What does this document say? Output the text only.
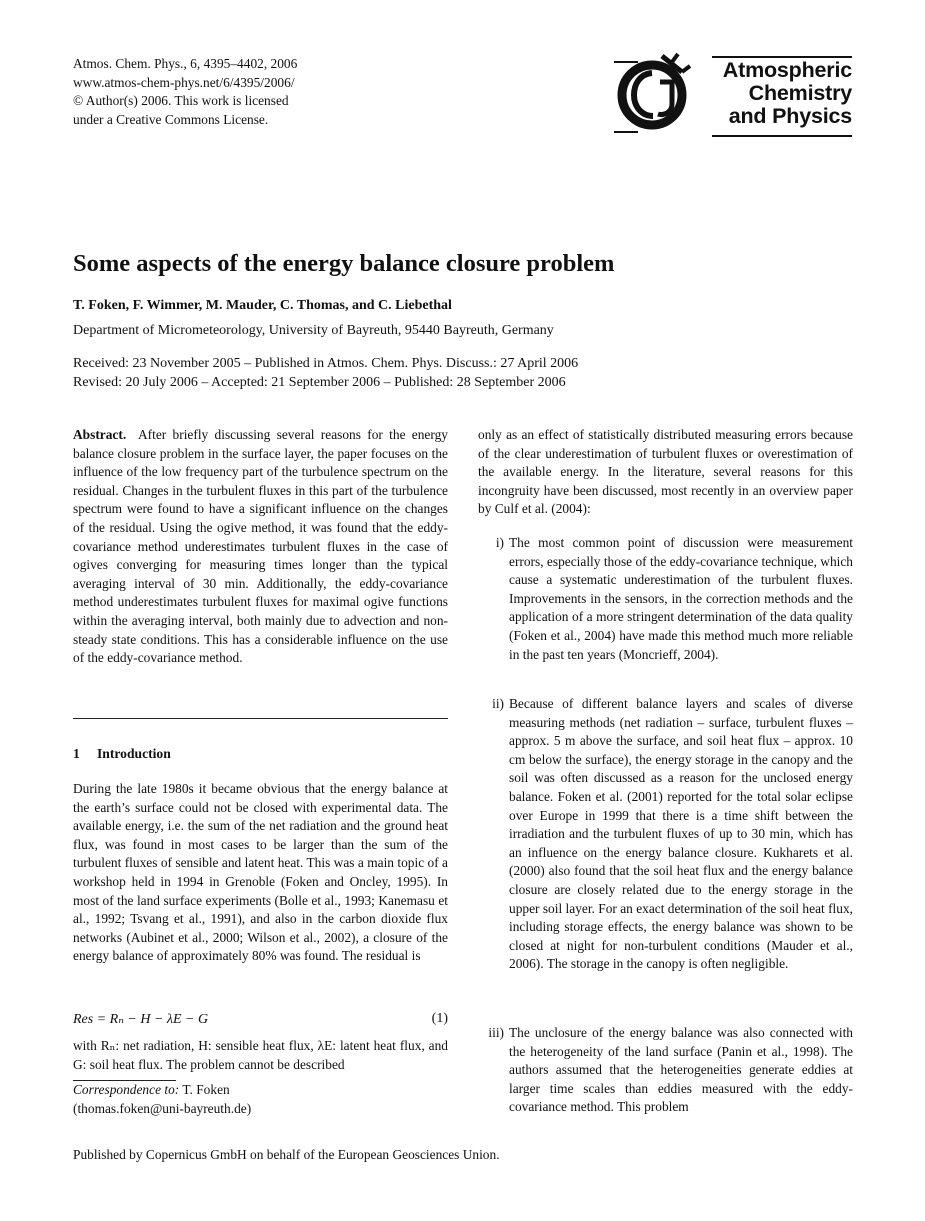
Atmos. Chem. Phys., 6, 4395–4402, 2006
www.atmos-chem-phys.net/6/4395/2006/
© Author(s) 2006. This work is licensed
under a Creative Commons License.
Atmospheric
Chemistry
and Physics
Some aspects of the energy balance closure problem
T. Foken, F. Wimmer, M. Mauder, C. Thomas, and C. Liebethal
Department of Micrometeorology, University of Bayreuth, 95440 Bayreuth, Germany
Received: 23 November 2005 – Published in Atmos. Chem. Phys. Discuss.: 27 April 2006
Revised: 20 July 2006 – Accepted: 21 September 2006 – Published: 28 September 2006

Abstract. After briefly discussing several reasons for the energy balance closure problem in the surface layer, the paper focuses on the influence of the low frequency part of the turbulence spectrum on the residual. Changes in the turbulent fluxes in this part of the turbulence spectrum were found to have a significant influence on the changes of the residual. Using the ogive method, it was found that the eddy-covariance method underestimates turbulent fluxes in the case of ogives converging for measuring times longer than the typical averaging interval of 30 min. Additionally, the eddy-covariance method underestimates turbulent fluxes for maximal ogive functions within the averaging interval, both mainly due to advection and non-steady state conditions. This has a considerable influence on the use of the eddy-covariance method.

1 Introduction

During the late 1980s it became obvious that the energy balance at the earth’s surface could not be closed with experimental data. The available energy, i.e. the sum of the net radiation and the ground heat flux, was found in most cases to be larger than the sum of the turbulent fluxes of sensible and latent heat. This was a main topic of a workshop held in 1994 in Grenoble (Foken and Oncley, 1995). In most of the land surface experiments (Bolle et al., 1993; Kanemasu et al., 1992; Tsvang et al., 1991), and also in the carbon dioxide flux networks (Aubinet et al., 2000; Wilson et al., 2002), a closure of the energy balance of approximately 80% was found. The residual is

Res = Rₙ − H − λE − G	(1)

with Rₙ: net radiation, H: sensible heat flux, λE: latent heat flux, and G: soil heat flux. The problem cannot be described

Correspondence to: T. Foken
(thomas.foken@uni-bayreuth.de)

only as an effect of statistically distributed measuring errors because of the clear underestimation of turbulent fluxes or overestimation of the available energy. In the literature, several reasons for this incongruity have been discussed, most recently in an overview paper by Culf et al. (2004):

i) The most common point of discussion were measurement errors, especially those of the eddy-covariance technique, which cause a systematic underestimation of the turbulent fluxes. Improvements in the sensors, in the correction methods and the application of a more stringent determination of the data quality (Foken et al., 2004) have made this method much more reliable in the past ten years (Moncrieff, 2004).
ii) Because of different balance layers and scales of diverse measuring methods (net radiation – surface, turbulent fluxes – approx. 5 m above the surface, and soil heat flux – approx. 10 cm below the surface), the energy storage in the canopy and the soil was often discussed as a reason for the unclosed energy balance. Foken et al. (2001) reported for the total solar eclipse over Europe in 1999 that there is a time shift between the irradiation and the turbulent fluxes of up to 30 min, which has an influence on the energy balance closure. Kukharets et al. (2000) also found that the soil heat flux and the energy balance closure are closely related due to the energy storage in the upper soil layer. For an exact determination of the soil heat flux, including storage effects, the energy balance was shown to be closed at night for non-turbulent conditions (Mauder et al., 2006). The storage in the canopy is often negligible.
iii) The unclosure of the energy balance was also connected with the heterogeneity of the land surface (Panin et al., 1998). The authors assumed that the heterogeneities generate eddies at larger time scales than eddies measured with the eddy-covariance method. This problem
Published by Copernicus GmbH on behalf of the European Geosciences Union.
